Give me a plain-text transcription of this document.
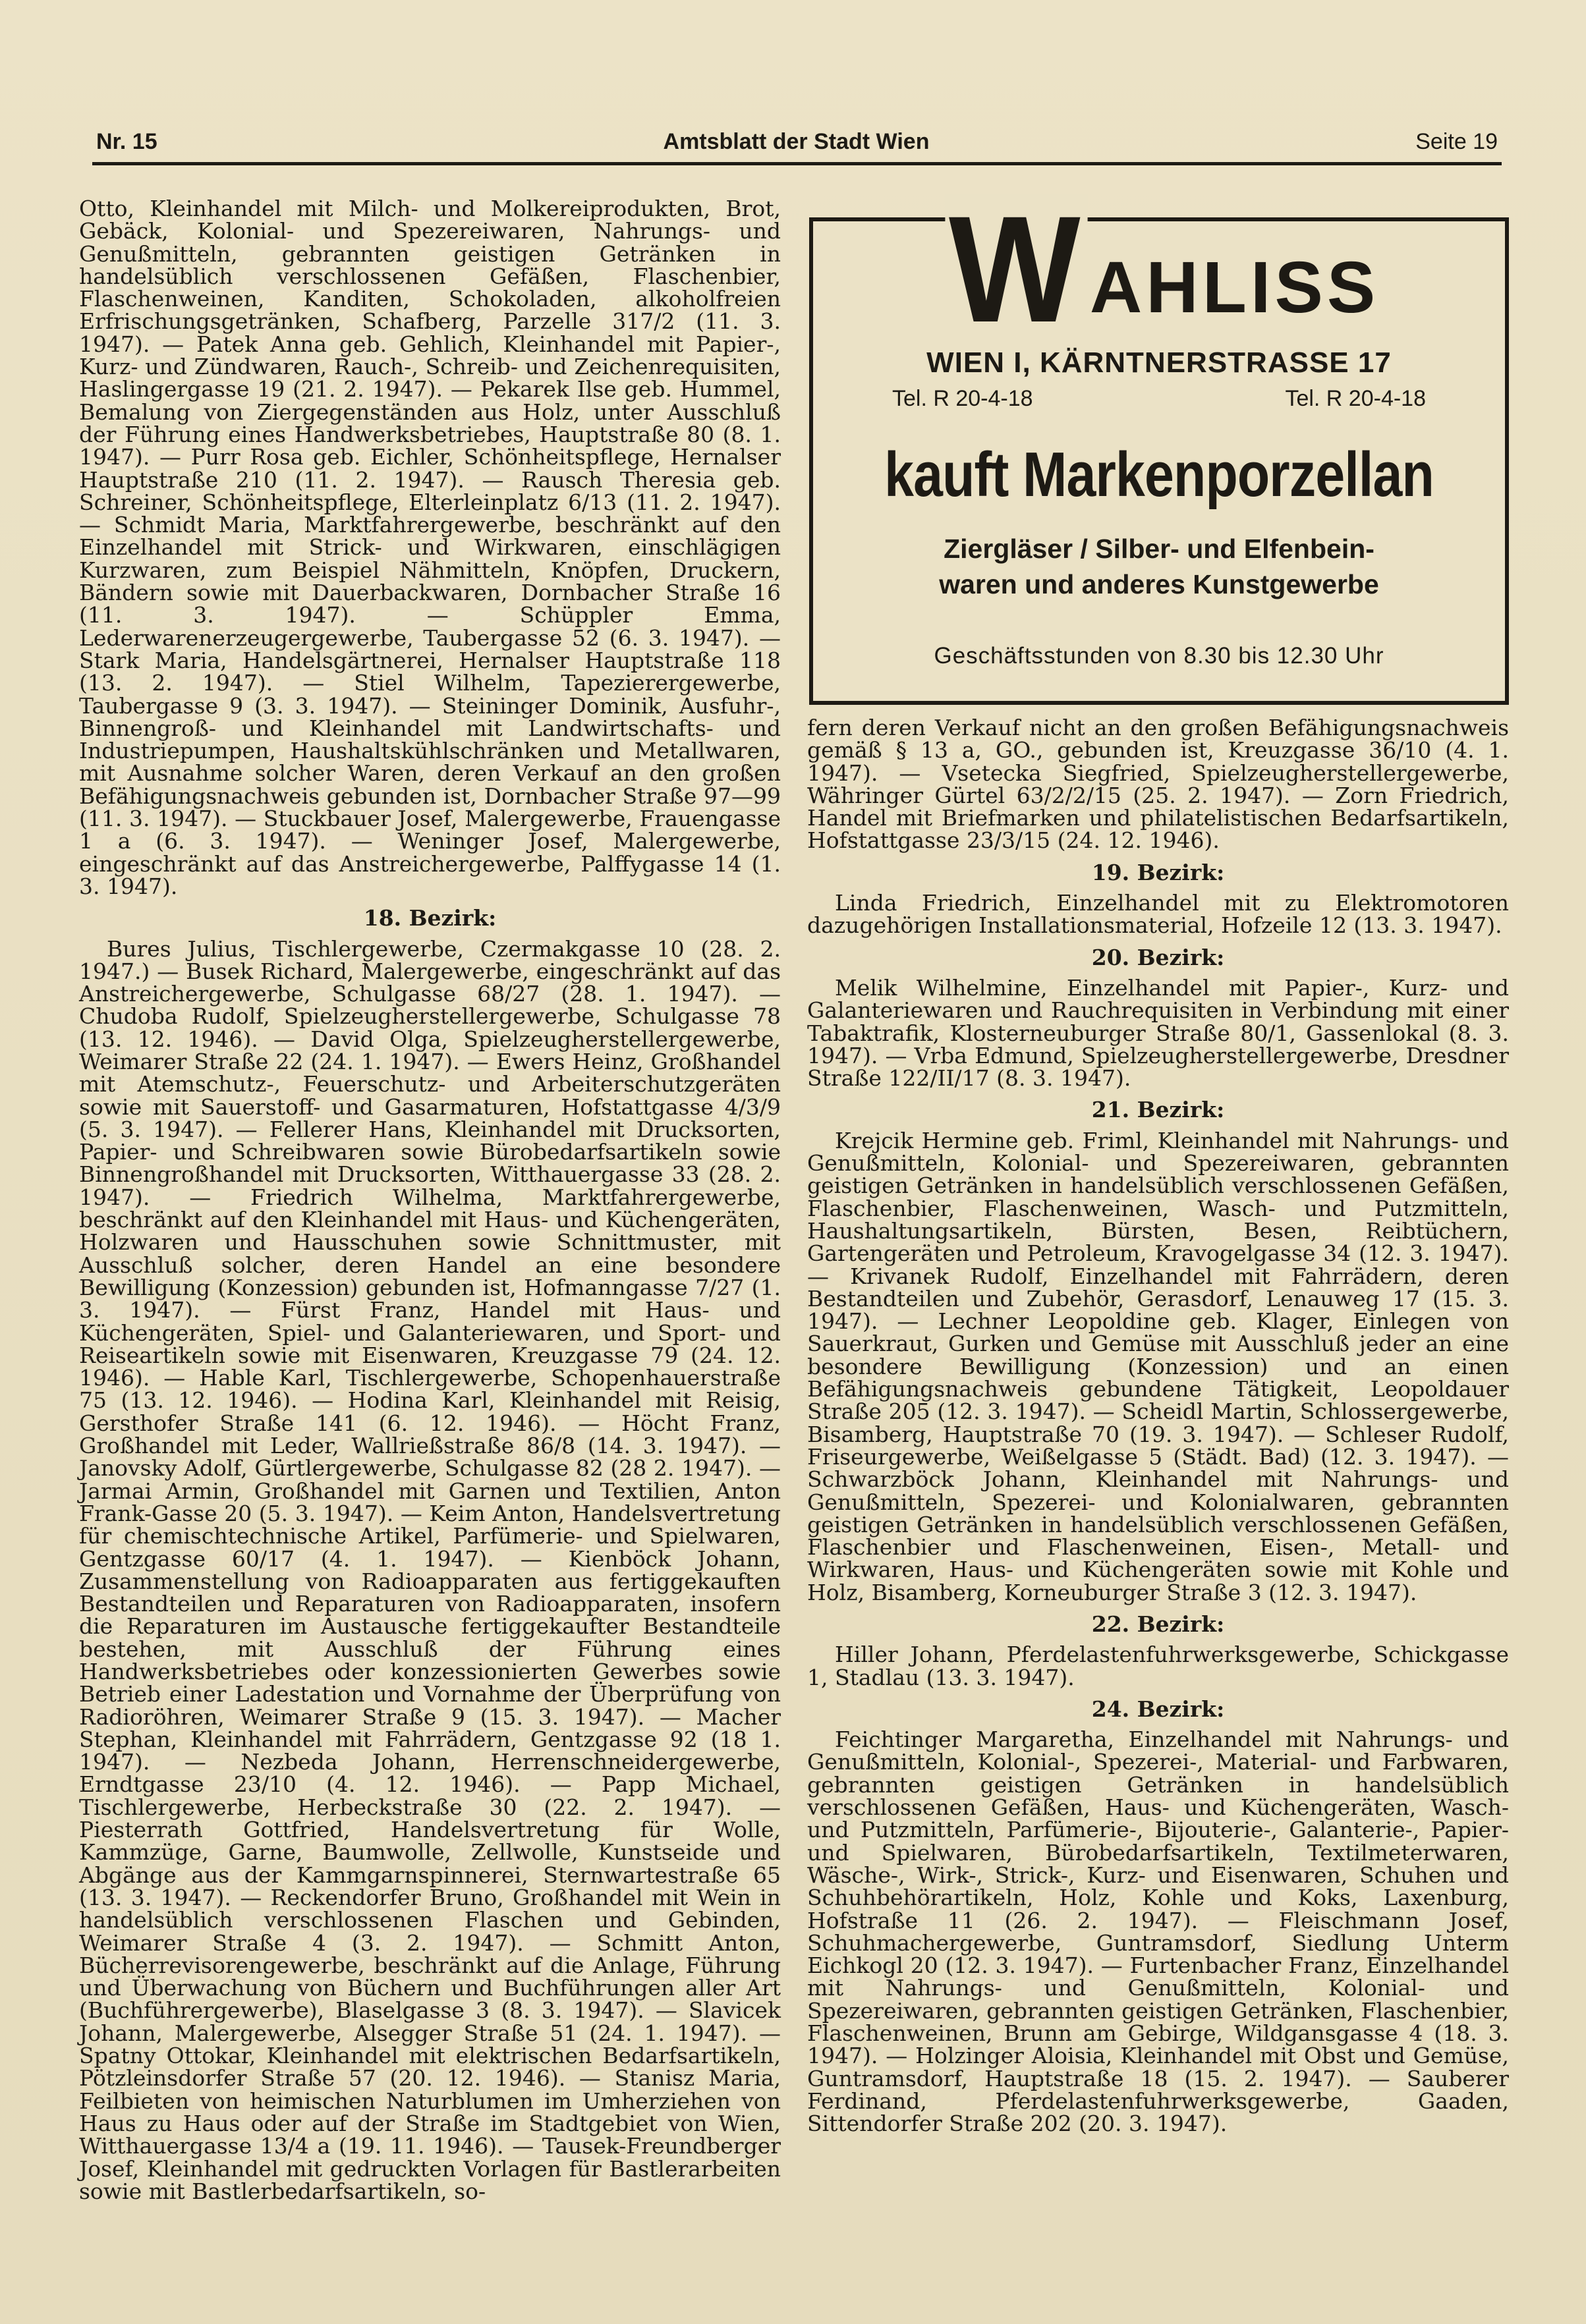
Nr. 15	Amtsblatt der Stadt Wien	Seite 19

Otto, Kleinhandel mit Milch- und Molkereiprodukten, Brot, Gebäck, Kolonial- und Spezereiwaren, Nahrungs- und Genußmitteln, gebrannten geistigen Getränken in handelsüblich verschlossenen Gefäßen, Flaschenbier, Flaschenweinen, Kanditen, Schokoladen, alkoholfreien Erfrischungsgetränken, Schafberg, Parzelle 317/2 (11. 3. 1947). — Patek Anna geb. Gehlich, Kleinhandel mit Papier-, Kurz- und Zündwaren, Rauch-, Schreib- und Zeichenrequisiten, Haslingergasse 19 (21. 2. 1947). — Pekarek Ilse geb. Hummel, Bemalung von Ziergegenständen aus Holz, unter Ausschluß der Führung eines Handwerksbetriebes, Hauptstraße 80 (8. 1. 1947). — Purr Rosa geb. Eichler, Schönheitspflege, Hernalser Hauptstraße 210 (11. 2. 1947). — Rausch Theresia geb. Schreiner, Schönheitspflege, Elterleinplatz 6/13 (11. 2. 1947). — Schmidt Maria, Marktfahrergewerbe, beschränkt auf den Einzelhandel mit Strick- und Wirkwaren, einschlägigen Kurzwaren, zum Beispiel Nähmitteln, Knöpfen, Druckern, Bändern sowie mit Dauerbackwaren, Dornbacher Straße 16 (11. 3. 1947). — Schüppler Emma, Lederwarenerzeugergewerbe, Taubergasse 52 (6. 3. 1947). — Stark Maria, Handelsgärtnerei, Hernalser Hauptstraße 118 (13. 2. 1947). — Stiel Wilhelm, Tapezierergewerbe, Taubergasse 9 (3. 3. 1947). — Steininger Dominik, Ausfuhr-, Binnengroß- und Kleinhandel mit Landwirtschafts- und Industriepumpen, Haushaltskühlschränken und Metallwaren, mit Ausnahme solcher Waren, deren Verkauf an den großen Befähigungsnachweis gebunden ist, Dornbacher Straße 97—99 (11. 3. 1947). — Stuckbauer Josef, Malergewerbe, Frauengasse 1 a (6. 3. 1947). — Weninger Josef, Malergewerbe, eingeschränkt auf das Anstreichergewerbe, Palffygasse 14 (1. 3. 1947).

18. Bezirk:

Bures Julius, Tischlergewerbe, Czermakgasse 10 (28. 2. 1947.) — Busek Richard, Malergewerbe, eingeschränkt auf das Anstreichergewerbe, Schulgasse 68/27 (28. 1. 1947). — Chudoba Rudolf, Spielzeugherstellergewerbe, Schulgasse 78 (13. 12. 1946). — David Olga, Spielzeugherstellergewerbe, Weimarer Straße 22 (24. 1. 1947). — Ewers Heinz, Großhandel mit Atemschutz-, Feuerschutz- und Arbeiterschutzgeräten sowie mit Sauerstoff- und Gasarmaturen, Hofstattgasse 4/3/9 (5. 3. 1947). — Fellerer Hans, Kleinhandel mit Drucksorten, Papier- und Schreibwaren sowie Bürobedarfsartikeln sowie Binnengroßhandel mit Drucksorten, Witthauergasse 33 (28. 2. 1947). — Friedrich Wilhelma, Marktfahrergewerbe, beschränkt auf den Kleinhandel mit Haus- und Küchengeräten, Holzwaren und Hausschuhen sowie Schnittmuster, mit Ausschluß solcher, deren Handel an eine besondere Bewilligung (Konzession) gebunden ist, Hofmanngasse 7/27 (1. 3. 1947). — Fürst Franz, Handel mit Haus- und Küchengeräten, Spiel- und Galanteriewaren, und Sport- und Reiseartikeln sowie mit Eisenwaren, Kreuzgasse 79 (24. 12. 1946). — Hable Karl, Tischlergewerbe, Schopenhauerstraße 75 (13. 12. 1946). — Hodina Karl, Kleinhandel mit Reisig, Gersthofer Straße 141 (6. 12. 1946). — Höcht Franz, Großhandel mit Leder, Wallrießstraße 86/8 (14. 3. 1947). — Janovsky Adolf, Gürtlergewerbe, Schulgasse 82 (28 2. 1947). — Jarmai Armin, Großhandel mit Garnen und Textilien, Anton Frank-Gasse 20 (5. 3. 1947). — Keim Anton, Handelsvertretung für chemischtechnische Artikel, Parfümerie- und Spielwaren, Gentzgasse 60/17 (4. 1. 1947). — Kienböck Johann, Zusammenstellung von Radioapparaten aus fertiggekauften Bestandteilen und Reparaturen von Radioapparaten, insofern die Reparaturen im Austausche fertiggekaufter Bestandteile bestehen, mit Ausschluß der Führung eines Handwerksbetriebes oder konzessionierten Gewerbes sowie Betrieb einer Ladestation und Vornahme der Überprüfung von Radioröhren, Weimarer Straße 9 (15. 3. 1947). — Macher Stephan, Kleinhandel mit Fahrrädern, Gentzgasse 92 (18 1. 1947). — Nezbeda Johann, Herrenschneidergewerbe, Erndtgasse 23/10 (4. 12. 1946). — Papp Michael, Tischlergewerbe, Herbeckstraße 30 (22. 2. 1947). — Piesterrath Gottfried, Handelsvertretung für Wolle, Kammzüge, Garne, Baumwolle, Zellwolle, Kunstseide und Abgänge aus der Kammgarnspinnerei, Sternwartestraße 65 (13. 3. 1947). — Reckendorfer Bruno, Großhandel mit Wein in handelsüblich verschlossenen Flaschen und Gebinden, Weimarer Straße 4 (3. 2. 1947). — Schmitt Anton, Bücherrevisorengewerbe, beschränkt auf die Anlage, Führung und Überwachung von Büchern und Buchführungen aller Art (Buchführergewerbe), Blaselgasse 3 (8. 3. 1947). — Slavicek Johann, Malergewerbe, Alsegger Straße 51 (24. 1. 1947). — Spatny Ottokar, Kleinhandel mit elektrischen Bedarfsartikeln, Pötzleinsdorfer Straße 57 (20. 12. 1946). — Stanisz Maria, Feilbieten von heimischen Naturblumen im Umherziehen von Haus zu Haus oder auf der Straße im Stadtgebiet von Wien, Witthauergasse 13/4 a (19. 11. 1946). — Tausek-Freundberger Josef, Kleinhandel mit gedruckten Vorlagen für Bastlerarbeiten sowie mit Bastlerbedarfsartikeln, so-

WAHLISS
WIEN I, KÄRNTNERSTRASSE 17
Tel. R 20-4-18	Tel. R 20-4-18
kauft Markenporzellan
Ziergläser / Silber- und Elfenbein-
waren und anderes Kunstgewerbe
Geschäftsstunden von 8.30 bis 12.30 Uhr

fern deren Verkauf nicht an den großen Befähigungsnachweis gemäß § 13 a, GO., gebunden ist, Kreuzgasse 36/10 (4. 1. 1947). — Vsetecka Siegfried, Spielzeugherstellergewerbe, Währinger Gürtel 63/2/2/15 (25. 2. 1947). — Zorn Friedrich, Handel mit Briefmarken und philatelistischen Bedarfsartikeln, Hofstattgasse 23/3/15 (24. 12. 1946).

19. Bezirk:

Linda Friedrich, Einzelhandel mit zu Elektromotoren dazugehörigen Installationsmaterial, Hofzeile 12 (13. 3. 1947).

20. Bezirk:

Melik Wilhelmine, Einzelhandel mit Papier-, Kurz- und Galanteriewaren und Rauchrequisiten in Verbindung mit einer Tabaktrafik, Klosterneuburger Straße 80/1, Gassenlokal (8. 3. 1947). — Vrba Edmund, Spielzeugherstellergewerbe, Dresdner Straße 122/II/17 (8. 3. 1947).

21. Bezirk:

Krejcik Hermine geb. Friml, Kleinhandel mit Nahrungs- und Genußmitteln, Kolonial- und Spezereiwaren, gebrannten geistigen Getränken in handelsüblich verschlossenen Gefäßen, Flaschenbier, Flaschenweinen, Wasch- und Putzmitteln, Haushaltungsartikeln, Bürsten, Besen, Reibtüchern, Gartengeräten und Petroleum, Kravogelgasse 34 (12. 3. 1947). — Krivanek Rudolf, Einzelhandel mit Fahrrädern, deren Bestandteilen und Zubehör, Gerasdorf, Lenauweg 17 (15. 3. 1947). — Lechner Leopoldine geb. Klager, Einlegen von Sauerkraut, Gurken und Gemüse mit Ausschluß jeder an eine besondere Bewilligung (Konzession) und an einen Befähigungsnachweis gebundene Tätigkeit, Leopoldauer Straße 205 (12. 3. 1947). — Scheidl Martin, Schlossergewerbe, Bisamberg, Hauptstraße 70 (19. 3. 1947). — Schleser Rudolf, Friseurgewerbe, Weißelgasse 5 (Städt. Bad) (12. 3. 1947). — Schwarzböck Johann, Kleinhandel mit Nahrungs- und Genußmitteln, Spezerei- und Kolonialwaren, gebrannten geistigen Getränken in handelsüblich verschlossenen Gefäßen, Flaschenbier und Flaschenweinen, Eisen-, Metall- und Wirkwaren, Haus- und Küchengeräten sowie mit Kohle und Holz, Bisamberg, Korneuburger Straße 3 (12. 3. 1947).

22. Bezirk:

Hiller Johann, Pferdelastenfuhrwerksgewerbe, Schickgasse 1, Stadlau (13. 3. 1947).

24. Bezirk:

Feichtinger Margaretha, Einzelhandel mit Nahrungs- und Genußmitteln, Kolonial-, Spezerei-, Material- und Farbwaren, gebrannten geistigen Getränken in handelsüblich verschlossenen Gefäßen, Haus- und Küchengeräten, Wasch- und Putzmitteln, Parfümerie-, Bijouterie-, Galanterie-, Papier- und Spielwaren, Bürobedarfsartikeln, Textilmeterwaren, Wäsche-, Wirk-, Strick-, Kurz- und Eisenwaren, Schuhen und Schuhbehörartikeln, Holz, Kohle und Koks, Laxenburg, Hofstraße 11 (26. 2. 1947). — Fleischmann Josef, Schuhmachergewerbe, Guntramsdorf, Siedlung Unterm Eichkogl 20 (12. 3. 1947). — Furtenbacher Franz, Einzelhandel mit Nahrungs- und Genußmitteln, Kolonial- und Spezereiwaren, gebrannten geistigen Getränken, Flaschenbier, Flaschenweinen, Brunn am Gebirge, Wildgansgasse 4 (18. 3. 1947). — Holzinger Aloisia, Kleinhandel mit Obst und Gemüse, Guntramsdorf, Hauptstraße 18 (15. 2. 1947). — Sauberer Ferdinand, Pferdelastenfuhrwerksgewerbe, Gaaden, Sittendorfer Straße 202 (20. 3. 1947).
